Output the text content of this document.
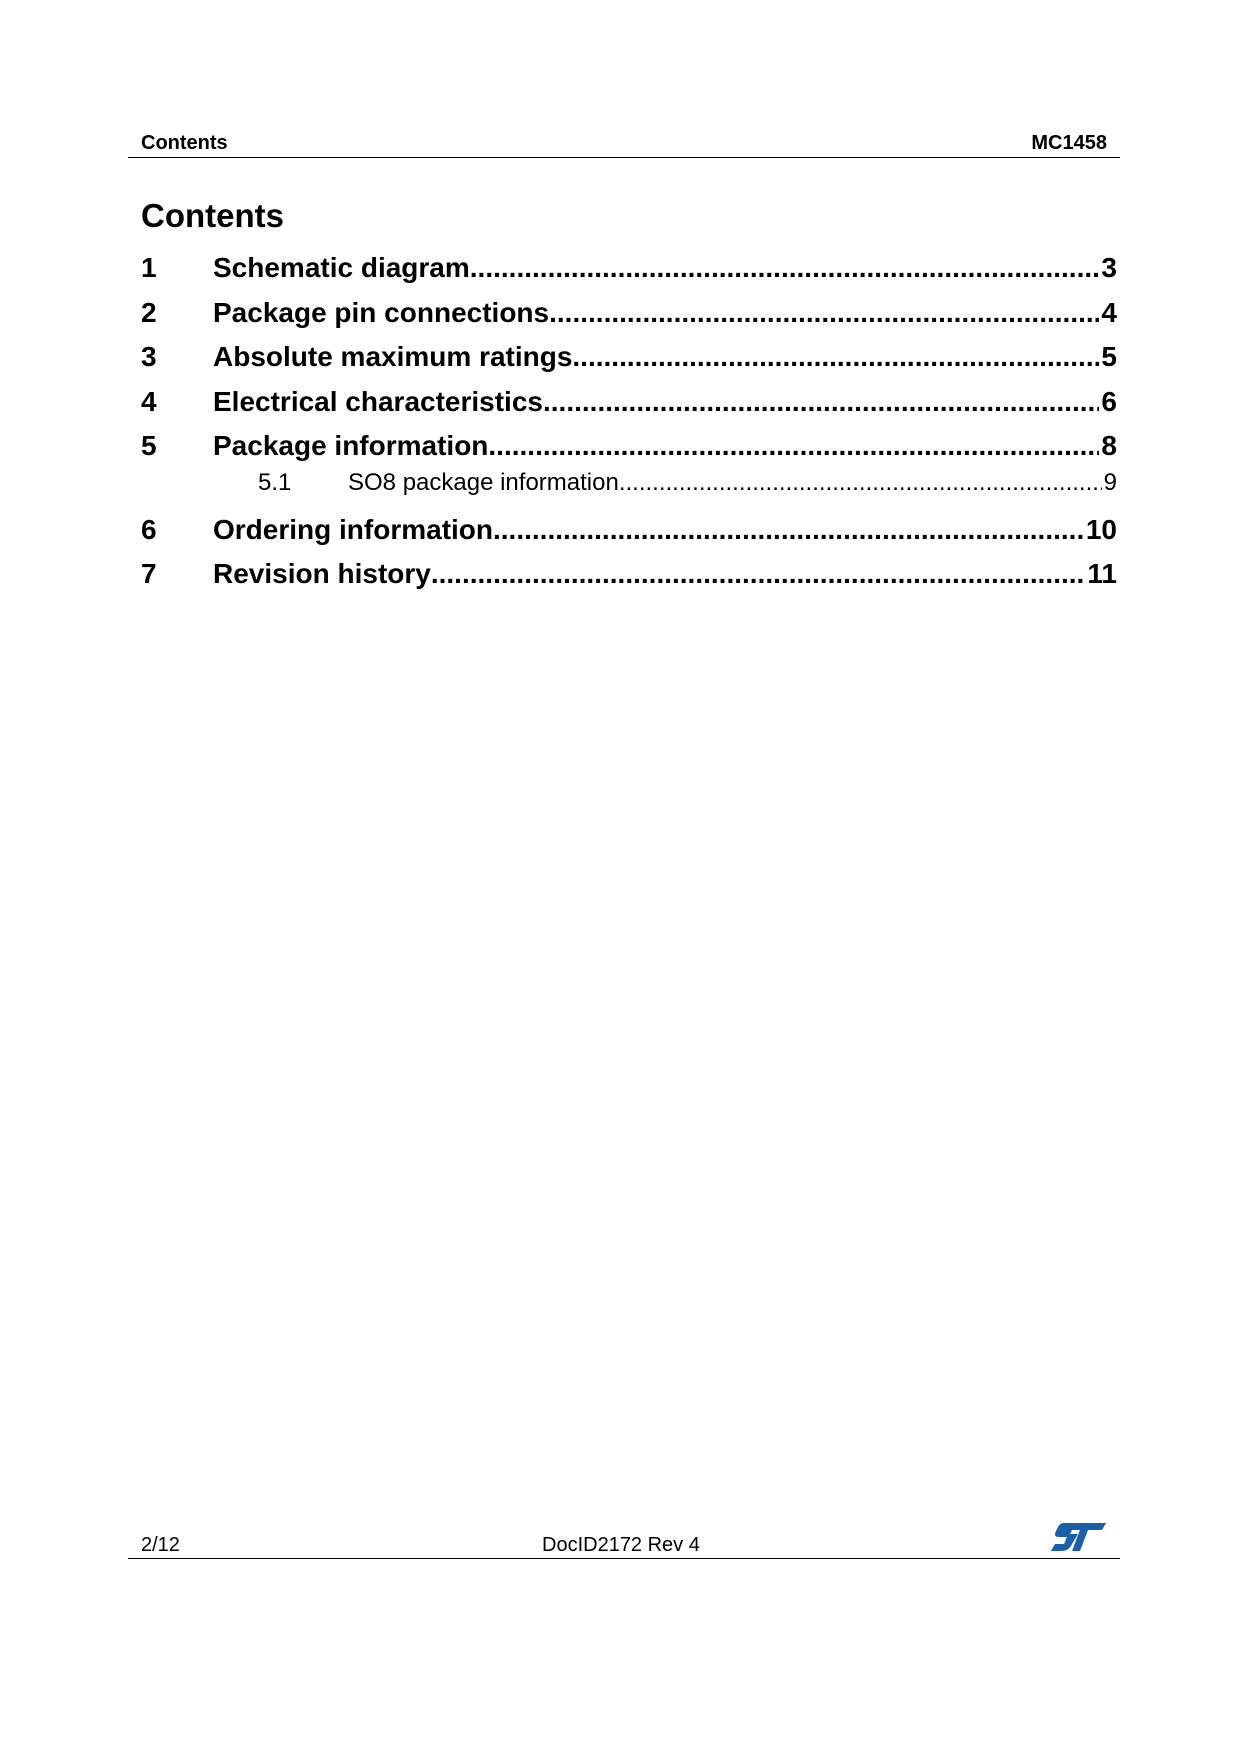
Contents	MC1458
Contents
1	Schematic diagram .....	3
2	Package pin connections .....	4
3	Absolute maximum ratings .....	5
4	Electrical characteristics .....	6
5	Package information .....	8
5.1	SO8 package information .....	9
6	Ordering information .....	10
7	Revision history .....	11
2/12	DocID2172 Rev 4
